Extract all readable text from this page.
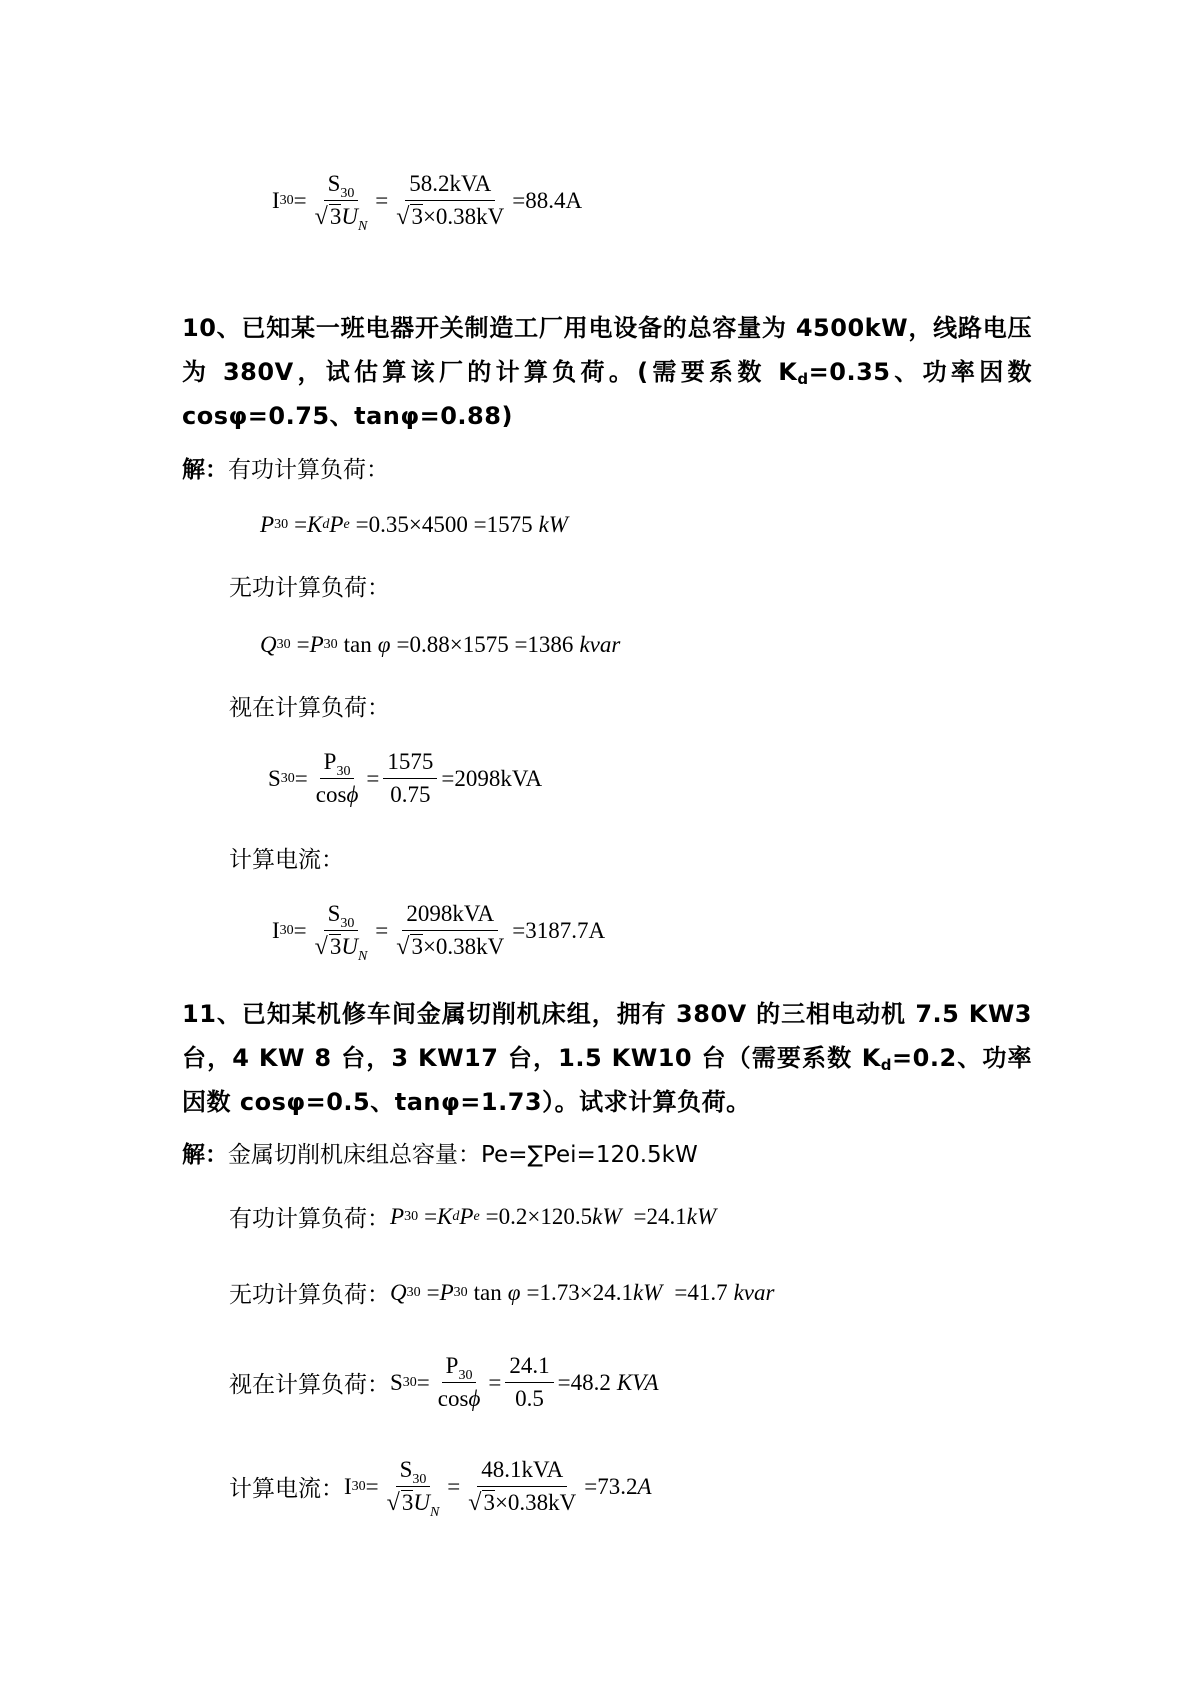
I $30 = \frac{S_{30}}{√ 3 U_N} = \frac{\text{58.2kVA}}{√ 3 \times 0.38kV} =88.4A$
10、已知某一班电器开关制造工厂用电设备的总容量为 4500kW，线路电压为 380V，试估算该厂的计算负荷。(需要系数 $K_d=0.35$、功率因数 cosφ=0.75、tanφ=0.88)
解：有功计算负荷：
P 30 = K d P e =0.35×4500 =1575 kW
无功计算负荷：
Q 30 = P 30 tan φ =0.88×1575 =1386 kvar
视在计算负荷：
S $30 = \frac{P_{30}}{\cos\phi} = \frac{1575}{0.75} =2098kVA$
计算电流：
I $30 = \frac{S_{30}}{√ 3 U_N} = \frac{\text{2098kVA}}{√ 3 \times 0.38kV} =3187.7A$
11、已知某机修车间金属切削机床组，拥有 380V 的三相电动机 7.5 KW3 台，4 KW 8 台，3 KW17 台，1.5 KW10 台（需要系数 $K_d=0.2$、功率因数 cosφ=0.5、tanφ=1.73）。试求计算负荷。
解：金属切削机床组总容量：Pe=∑Pei=120.5kW
有功计算负荷： P 30 = K d P e =0.2×120.5 kW =24.1 kW
无功计算负荷： Q 30 = P 30 tan φ =1.73×24.1 kW =41.7 kvar
视在计算负荷： S $30 = \frac{P_{30}}{\cos\phi} = \frac{24.1}{0.5} =48.2$ KVA
计算电流： I $30 = \frac{S_{30}}{√ 3 U_N} = \frac{\text{48.1kVA}}{√ 3 \times 0.38kV} =73.2$ A
